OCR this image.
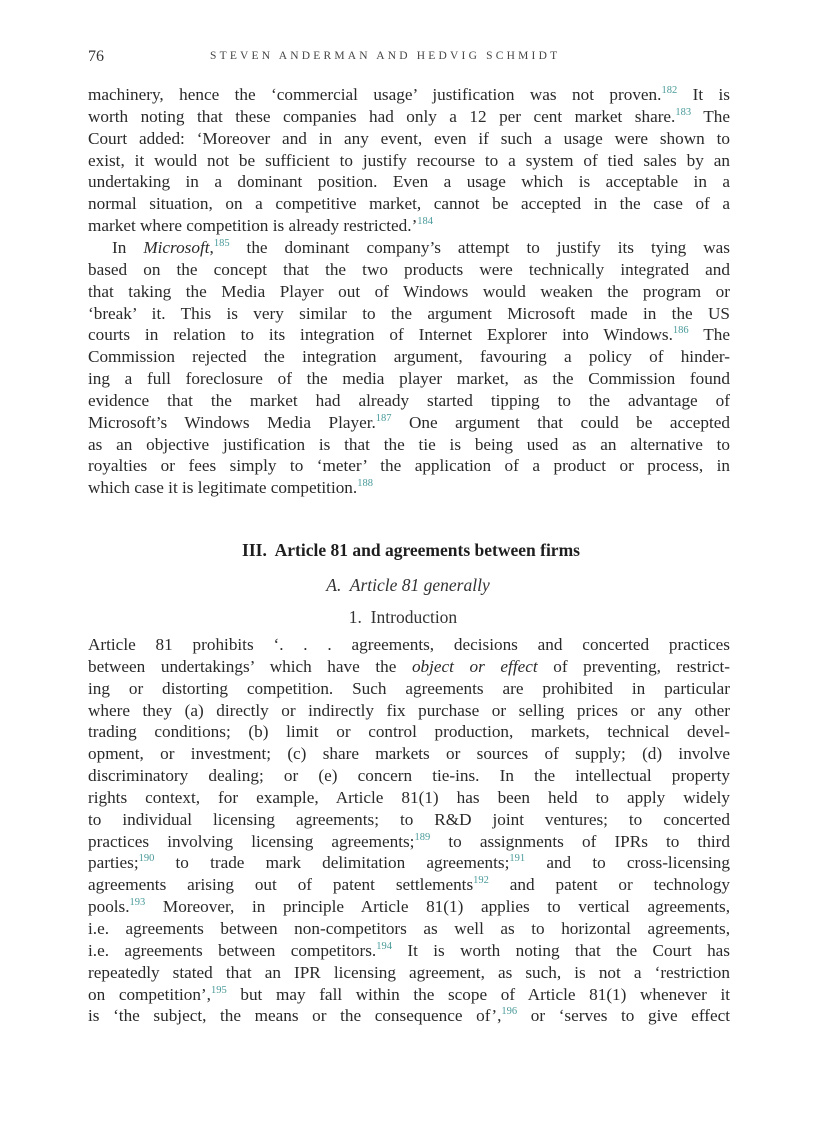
76	STEVEN ANDERMAN AND HEDVIG SCHMIDT
machinery, hence the ‘commercial usage’ justification was not proven.$^{182}$ It is
worth noting that these companies had only a 12 per cent market share.$^{183}$ The
Court added: ‘Moreover and in any event, even if such a usage were shown to
exist, it would not be sufficient to justify recourse to a system of tied sales by an
undertaking in a dominant position. Even a usage which is acceptable in a
normal situation, on a competitive market, cannot be accepted in the case of a
market where competition is already restricted.’$^{184}$
In Microsoft,$^{185}$ the dominant company’s attempt to justify its tying was
based on the concept that the two products were technically integrated and
that taking the Media Player out of Windows would weaken the program or
‘break’ it. This is very similar to the argument Microsoft made in the US
courts in relation to its integration of Internet Explorer into Windows.$^{186}$ The
Commission rejected the integration argument, favouring a policy of hinder-
ing a full foreclosure of the media player market, as the Commission found
evidence that the market had already started tipping to the advantage of
Microsoft’s Windows Media Player.$^{187}$ One argument that could be accepted
as an objective justification is that the tie is being used as an alternative to
royalties or fees simply to ‘meter’ the application of a product or process, in
which case it is legitimate competition.$^{188}$
III.  Article 81 and agreements between firms
A.  Article 81 generally
1.  Introduction
Article 81 prohibits ‘. . . agreements, decisions and concerted practices
between undertakings’ which have the object or effect of preventing, restrict-
ing or distorting competition. Such agreements are prohibited in particular
where they (a) directly or indirectly fix purchase or selling prices or any other
trading conditions; (b) limit or control production, markets, technical devel-
opment, or investment; (c) share markets or sources of supply; (d) involve
discriminatory dealing; or (e) concern tie-ins. In the intellectual property
rights context, for example, Article 81(1) has been held to apply widely
to individual licensing agreements; to R&D joint ventures; to concerted
practices involving licensing agreements;$^{189}$ to assignments of IPRs to third
parties;$^{190}$ to trade mark delimitation agreements;$^{191}$ and to cross-licensing
agreements arising out of patent settlements$^{192}$ and patent or technology
pools.$^{193}$ Moreover, in principle Article 81(1) applies to vertical agreements,
i.e. agreements between non-competitors as well as to horizontal agreements,
i.e. agreements between competitors.$^{194}$ It is worth noting that the Court has
repeatedly stated that an IPR licensing agreement, as such, is not a ‘restriction
on competition’,$^{195}$ but may fall within the scope of Article 81(1) whenever it
is ‘the subject, the means or the consequence of’,$^{196}$ or ‘serves to give effect
